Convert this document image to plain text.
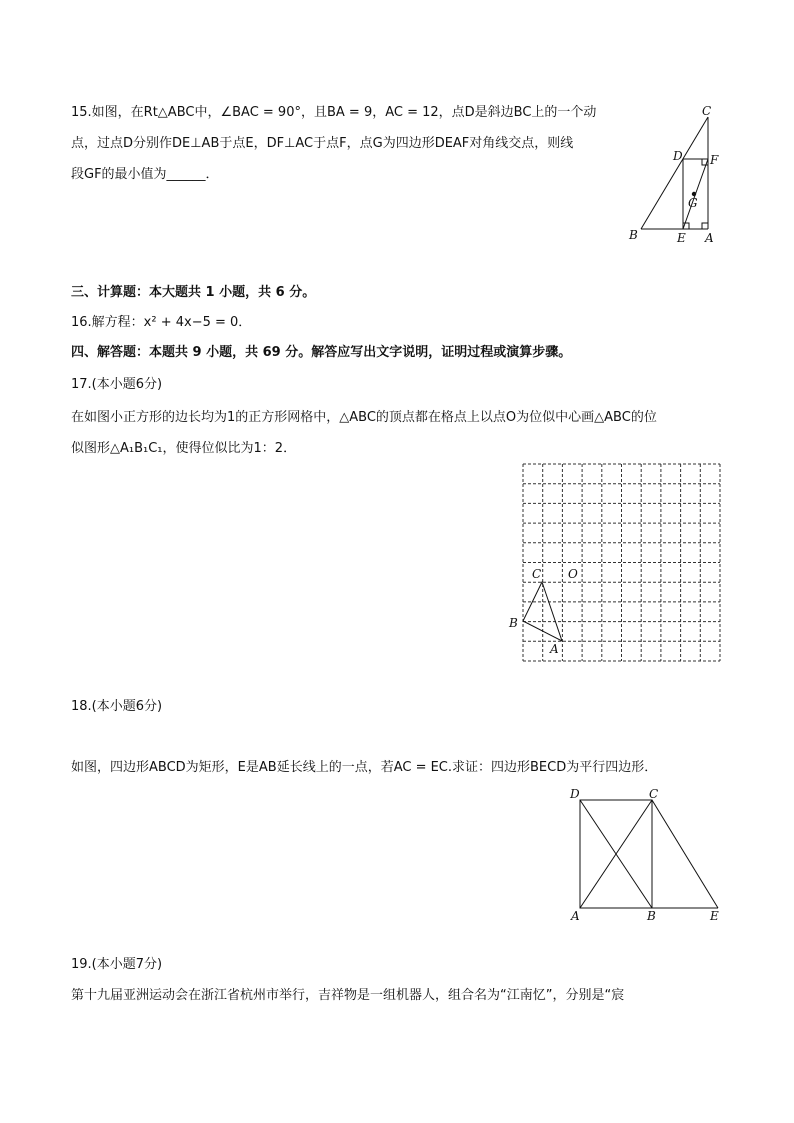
15.如图，在Rt△ABC中，∠BAC = 90°，且BA = 9，AC = 12，点D是斜边BC上的一个动
点，过点D分别作DE⊥AB于点E，DF⊥AC于点F，点G为四边形DEAF对角线交点，则线
段GF的最小值为______．
C
D F
G
B	E A
三、计算题：本大题共 1 小题，共 6 分。
16.解方程：x² + 4x−5 = 0．
四、解答题：本题共 9 小题，共 69 分。解答应写出文字说明，证明过程或演算步骤。
17.(本小题6分)
在如图小正方形的边长均为1的正方形网格中，△ABC的顶点都在格点上以点O为位似中心画△ABC的位
似图形△A₁B₁C₁，使得位似比为1：2．
C O
B
A
18.(本小题6分)
如图，四边形ABCD为矩形，E是AB延长线上的一点，若AC = EC.求证：四边形BECD为平行四边形．
D	C
A	B	E
19.(本小题7分)
第十九届亚洲运动会在浙江省杭州市举行，吉祥物是一组机器人，组合名为“江南忆”，分别是“宸
